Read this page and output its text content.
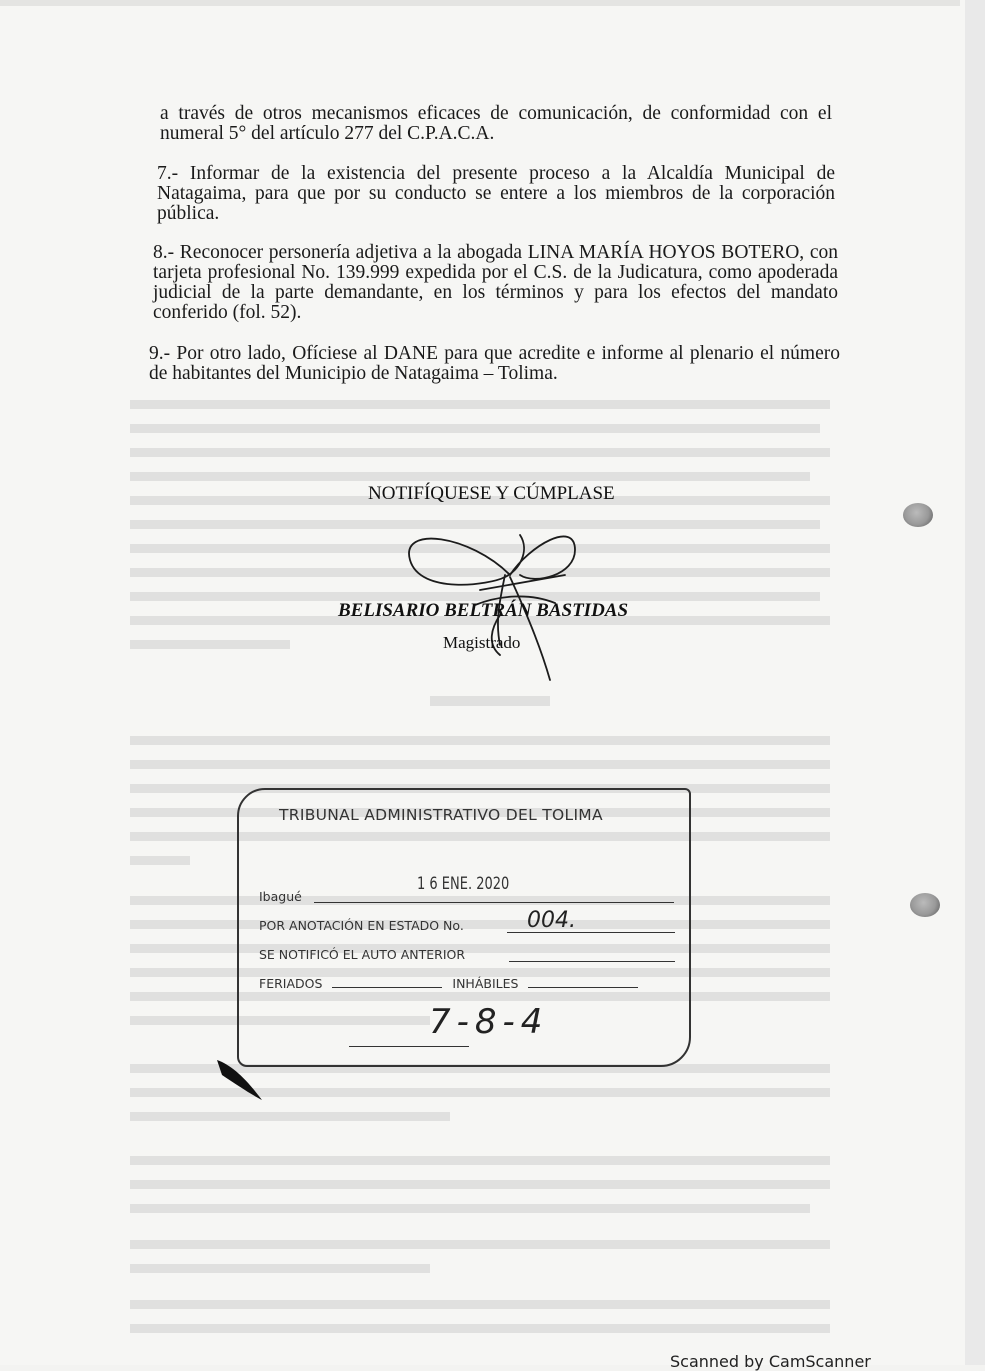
a través de otros mecanismos eficaces de comunicación, de conformidad con el numeral 5° del artículo 277 del C.P.A.C.A.

7.- Informar de la existencia del presente proceso a la Alcaldía Municipal de Natagaima, para que por su conducto se entere a los miembros de la corporación pública.

8.- Reconocer personería adjetiva a la abogada LINA MARÍA HOYOS BOTERO, con tarjeta profesional No. 139.999 expedida por el C.S. de la Judicatura, como apoderada judicial de la parte demandante, en los términos y para los efectos del mandato conferido (fol. 52).

9.- Por otro lado, Ofíciese al DANE para que acredite e informe al plenario el número de habitantes del Municipio de Natagaima – Tolima.

NOTIFÍQUESE Y CÚMPLASE
BELISARIO BELTRÁN BASTIDAS
Magistrado
TRIBUNAL ADMINISTRATIVO DEL TOLIMA
1 6 ENE. 2020
Ibagué
POR ANOTACIÓN EN ESTADO No.	004.
SE NOTIFICÓ EL AUTO ANTERIOR
FERIADOS	INHÁBILES
7-8-4
Scanned by CamScanner
